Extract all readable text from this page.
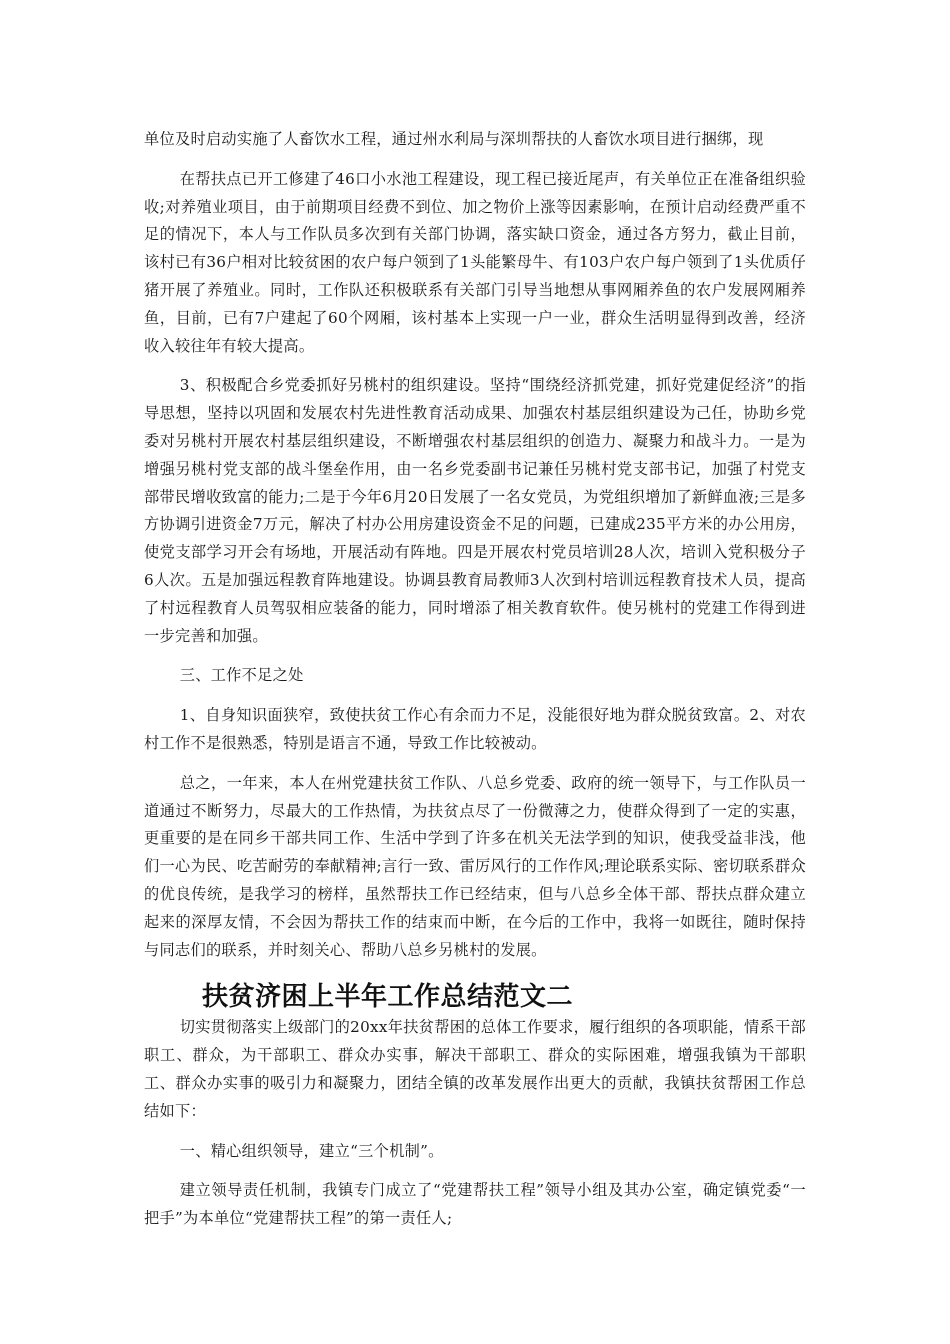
单位及时启动实施了人畜饮水工程，通过州水利局与深圳帮扶的人畜饮水项目进行捆绑，现

在帮扶点已开工修建了46口小水池工程建设，现工程已接近尾声，有关单位正在准备组织验收;对养殖业项目，由于前期项目经费不到位、加之物价上涨等因素影响，在预计启动经费严重不足的情况下，本人与工作队员多次到有关部门协调，落实缺口资金，通过各方努力，截止目前，该村已有36户相对比较贫困的农户每户领到了1头能繁母牛、有103户农户每户领到了1头优质仔猪开展了养殖业。同时，工作队还积极联系有关部门引导当地想从事网厢养鱼的农户发展网厢养鱼，目前，已有7户建起了60个网厢，该村基本上实现一户一业，群众生活明显得到改善，经济收入较往年有较大提高。

3、积极配合乡党委抓好另桃村的组织建设。坚持“围绕经济抓党建，抓好党建促经济”的指导思想，坚持以巩固和发展农村先进性教育活动成果、加强农村基层组织建设为己任，协助乡党委对另桃村开展农村基层组织建设，不断增强农村基层组织的创造力、凝聚力和战斗力。一是为增强另桃村党支部的战斗堡垒作用，由一名乡党委副书记兼任另桃村党支部书记，加强了村党支部带民增收致富的能力;二是于今年6月20日发展了一名女党员，为党组织增加了新鲜血液;三是多方协调引进资金7万元，解决了村办公用房建设资金不足的问题，已建成235平方米的办公用房，使党支部学习开会有场地，开展活动有阵地。四是开展农村党员培训28人次，培训入党积极分子6人次。五是加强远程教育阵地建设。协调县教育局教师3人次到村培训远程教育技术人员，提高了村远程教育人员驾驭相应装备的能力，同时增添了相关教育软件。使另桃村的党建工作得到进一步完善和加强。

三、工作不足之处

1、自身知识面狭窄，致使扶贫工作心有余而力不足，没能很好地为群众脱贫致富。2、对农村工作不是很熟悉，特别是语言不通，导致工作比较被动。

总之，一年来，本人在州党建扶贫工作队、八总乡党委、政府的统一领导下，与工作队员一道通过不断努力，尽最大的工作热情，为扶贫点尽了一份微薄之力，使群众得到了一定的实惠，更重要的是在同乡干部共同工作、生活中学到了许多在机关无法学到的知识，使我受益非浅，他们一心为民、吃苦耐劳的奉献精神;言行一致、雷厉风行的工作作风;理论联系实际、密切联系群众的优良传统，是我学习的榜样，虽然帮扶工作已经结束，但与八总乡全体干部、帮扶点群众建立起来的深厚友情，不会因为帮扶工作的结束而中断，在今后的工作中，我将一如既往，随时保持与同志们的联系，并时刻关心、帮助八总乡另桃村的发展。

扶贫济困上半年工作总结范文二

切实贯彻落实上级部门的20xx年扶贫帮困的总体工作要求，履行组织的各项职能，情系干部职工、群众，为干部职工、群众办实事，解决干部职工、群众的实际困难，增强我镇为干部职工、群众办实事的吸引力和凝聚力，团结全镇的改革发展作出更大的贡献，我镇扶贫帮困工作总结如下：

一、精心组织领导，建立“三个机制”。

建立领导责任机制，我镇专门成立了“党建帮扶工程”领导小组及其办公室，确定镇党委“一把手”为本单位“党建帮扶工程”的第一责任人;
